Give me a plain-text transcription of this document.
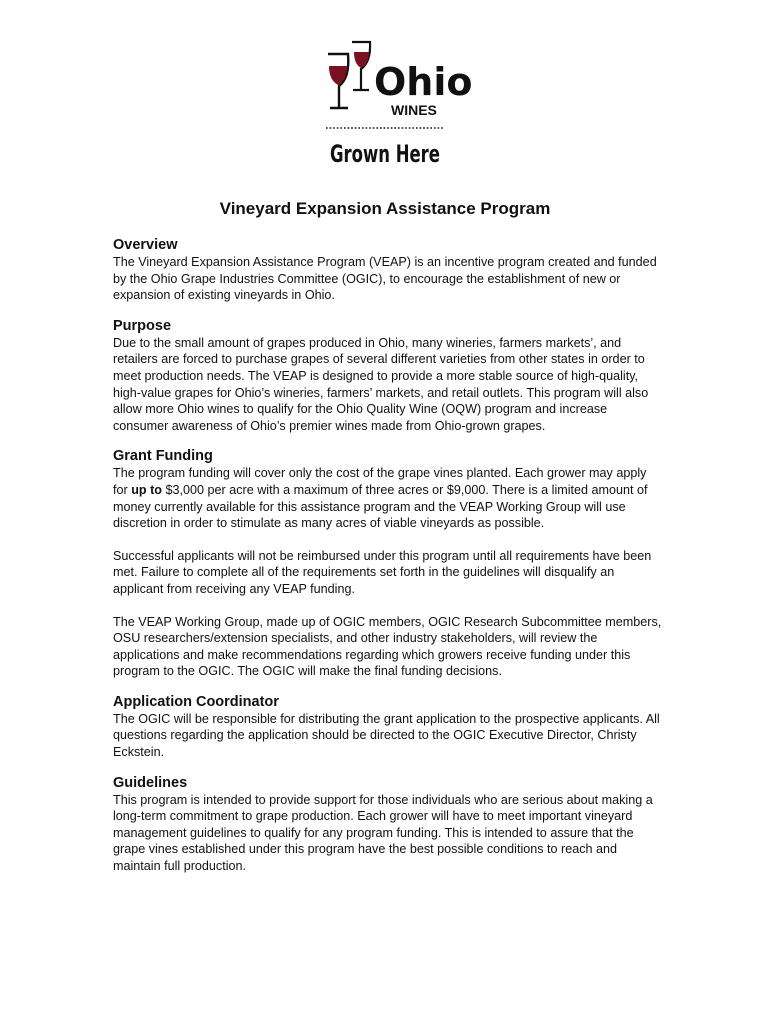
Ohio
WINES
Grown Here
Vineyard Expansion Assistance Program
Overview

The Vineyard Expansion Assistance Program (VEAP) is an incentive program created and funded by the Ohio Grape Industries Committee (OGIC), to encourage the establishment of new or expansion of existing vineyards in Ohio.

Purpose

Due to the small amount of grapes produced in Ohio, many wineries, farmers markets’, and retailers are forced to purchase grapes of several different varieties from other states in order to meet production needs. The VEAP is designed to provide a more stable source of high-quality, high-value grapes for Ohio’s wineries, farmers’ markets, and retail outlets. This program will also allow more Ohio wines to qualify for the Ohio Quality Wine (OQW) program and increase consumer awareness of Ohio’s premier wines made from Ohio-grown grapes.

Grant Funding

The program funding will cover only the cost of the grape vines planted. Each grower may apply for up to $3,000 per acre with a maximum of three acres or $9,000. There is a limited amount of money currently available for this assistance program and the VEAP Working Group will use discretion in order to stimulate as many acres of viable vineyards as possible.

Successful applicants will not be reimbursed under this program until all requirements have been met. Failure to complete all of the requirements set forth in the guidelines will disqualify an applicant from receiving any VEAP funding.

The VEAP Working Group, made up of OGIC members, OGIC Research Subcommittee members, OSU researchers/extension specialists, and other industry stakeholders, will review the applications and make recommendations regarding which growers receive funding under this program to the OGIC. The OGIC will make the final funding decisions.

Application Coordinator

The OGIC will be responsible for distributing the grant application to the prospective applicants. All questions regarding the application should be directed to the OGIC Executive Director, Christy Eckstein.

Guidelines

This program is intended to provide support for those individuals who are serious about making a long-term commitment to grape production. Each grower will have to meet important vineyard management guidelines to qualify for any program funding. This is intended to assure that the grape vines established under this program have the best possible conditions to reach and maintain full production.
